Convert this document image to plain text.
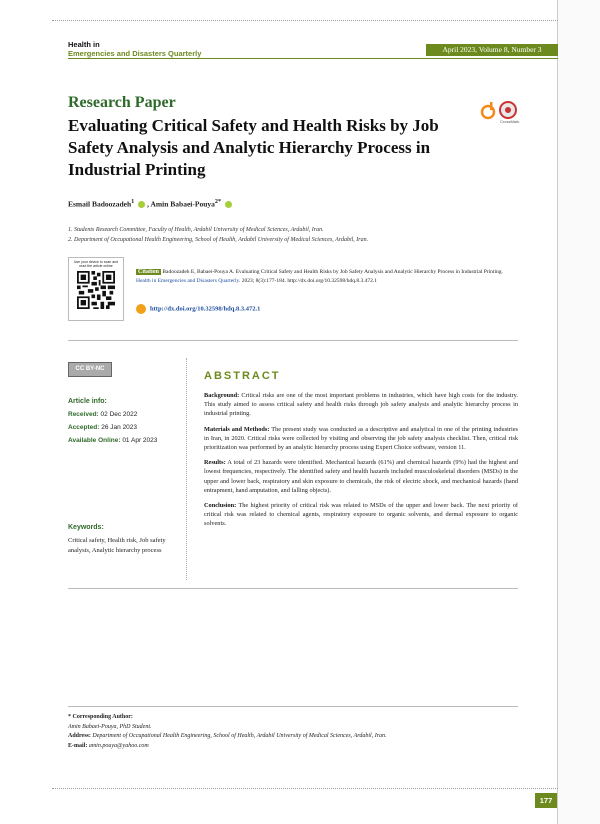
Health in
Emergencies and Disasters Quarterly	April 2023, Volume 8, Number 3
Research Paper
Evaluating Critical Safety and Health Risks by Job Safety Analysis and Analytic Hierarchy Process in Industrial Printing
CrossMark
Esmail Badoozadeh$^1$ , Amin Babaei-Pouya$^{2*}$
1. Students Research Committee, Faculty of Health, Ardabil University of Medical Sciences, Ardabil, Iran.
2. Department of Occupational Health Engineering, School of Health, Ardabil University of Medical Sciences, Ardabil, Iran.
Use your device to scan and read the article online
Citation Badoozadeh E, Babaei-Pouya A. Evaluating Critical Safety and Health Risks by Job Safety Analysis and Analytic Hierarchy Process in Industrial Printing. Health in Emergencies and Disasters Quarterly. 2023; 8(3):177-184. http://dx.doi.org/10.32598/hdq.8.3.472.1
http://dx.doi.org/10.32598/hdq.8.3.472.1
CC BY-NC
Article info:
Received: 02 Dec 2022
Accepted: 26 Jan 2023
Available Online: 01 Apr 2023
Keywords:
Critical safety, Health risk, Job safety analysis, Analytic hierarchy process
ABSTRACT

Background: Critical risks are one of the most important problems in industries, which have high costs for the industry. This study aimed to assess critical safety and health risks through job safety analysis and analytic hierarchy process in industrial printing.

Materials and Methods: The present study was conducted as a descriptive and analytical in one of the printing industries in Iran, in 2020. Critical risks were collected by visiting and observing the job safety analysis checklist. Then, critical risk prioritization was performed by an analytic hierarchy process using Expert Choice software, version 11.

Results: A total of 23 hazards were identified. Mechanical hazards (61%) and chemical hazards (9%) had the highest and lowest frequencies, respectively. The identified safety and health hazards included musculoskeletal disorders (MSDs) in the upper and lower back, respiratory and skin exposure to chemicals, the risk of electric shock, and mechanical hazards (hand entrapment, hand amputation, and falling objects).

Conclusion: The highest priority of critical risk was related to MSDs of the upper and lower back. The next priority of critical risk was related to chemical agents, respiratory exposure to organic solvents, and dermal exposure to organic solvents.

* Corresponding Author:
Amin Babaei-Pouya, PhD Student.
Address: Department of Occupational Health Engineering, School of Health, Ardabil University of Medical Sciences, Ardabil, Iran.
E-mail: amin.pouya@yahoo.com
177
